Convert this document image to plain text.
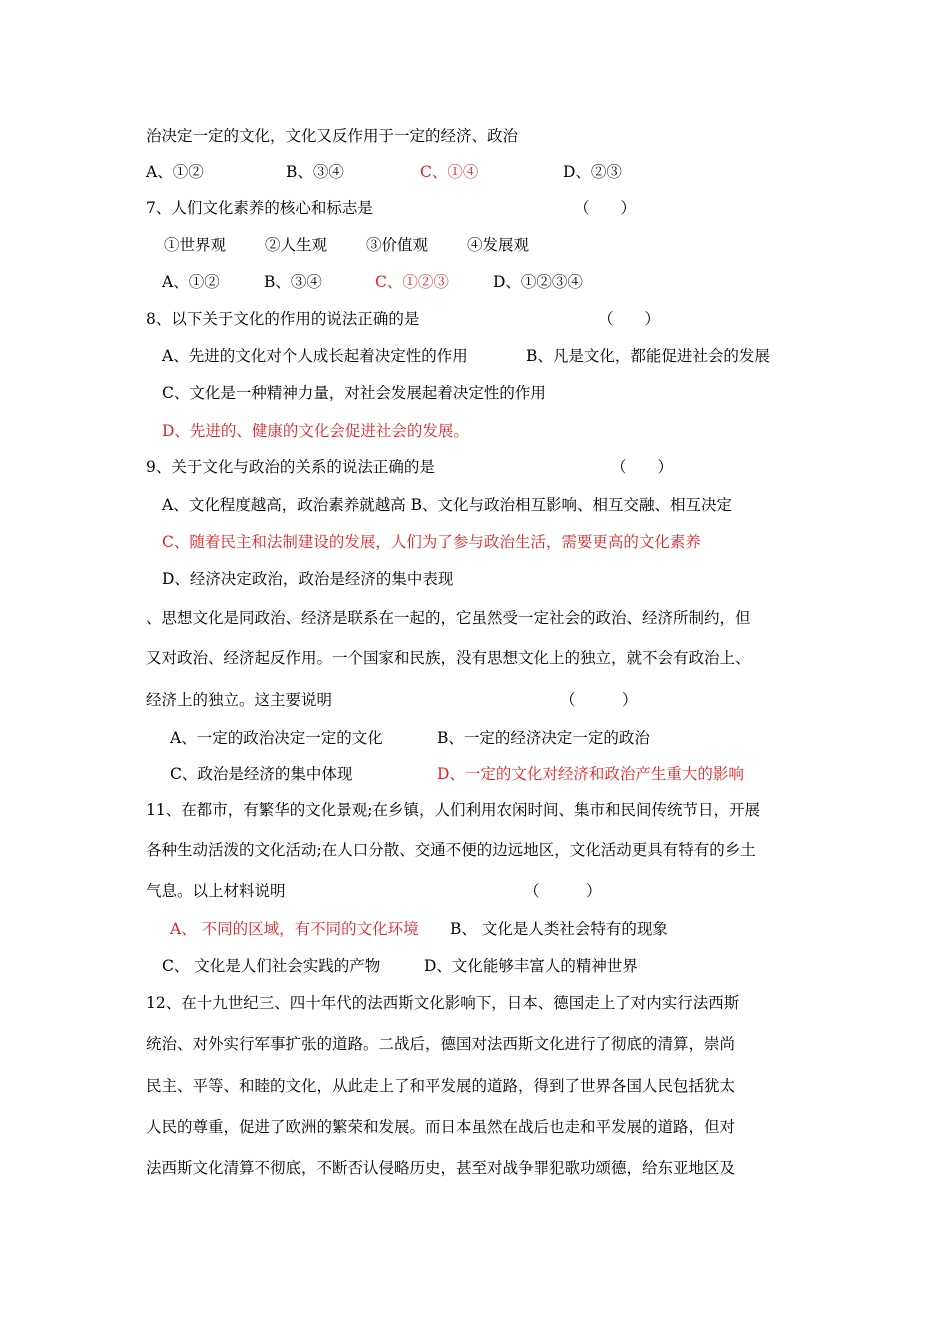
治决定一定的文化，文化又反作用于一定的经济、政治
A、①②	B、③④	C、①④	D、②③
7、人们文化素养的核心和标志是	（　　）
①世界观	②人生观	③价值观	④发展观
A、①②	B、③④	C、①②③	D、①②③④
8、以下关于文化的作用的说法正确的是	（　　）
A、先进的文化对个人成长起着决定性的作用	B、凡是文化，都能促进社会的发展
C、文化是一种精神力量，对社会发展起着决定性的作用
D、先进的、健康的文化会促进社会的发展。
9、关于文化与政治的关系的说法正确的是	（　　）
A、文化程度越高，政治素养就越高 B、文化与政治相互影响、相互交融、相互决定
C、随着民主和法制建设的发展，人们为了参与政治生活，需要更高的文化素养
D、经济决定政治，政治是经济的集中表现
、思想文化是同政治、经济是联系在一起的，它虽然受一定社会的政治、经济所制约，但
又对政治、经济起反作用。一个国家和民族，没有思想文化上的独立，就不会有政治上、
经济上的独立。这主要说明	（　　　）
A、一定的政治决定一定的文化	B、一定的经济决定一定的政治
C、政治是经济的集中体现	D、一定的文化对经济和政治产生重大的影响
11、在都市，有繁华的文化景观;在乡镇，人们利用农闲时间、集市和民间传统节日，开展
各种生动活泼的文化活动;在人口分散、交通不便的边远地区，文化活动更具有特有的乡土
气息。以上材料说明	（　　　）
A、 不同的区域，有不同的文化环境 B、 文化是人类社会特有的现象
C、 文化是人们社会实践的产物	D、文化能够丰富人的精神世界
12、在十九世纪三、四十年代的法西斯文化影响下，日本、德国走上了对内实行法西斯
统治、对外实行军事扩张的道路。二战后，德国对法西斯文化进行了彻底的清算，崇尚
民主、平等、和睦的文化，从此走上了和平发展的道路，得到了世界各国人民包括犹太
人民的尊重，促进了欧洲的繁荣和发展。而日本虽然在战后也走和平发展的道路，但对
法西斯文化清算不彻底，不断否认侵略历史，甚至对战争罪犯歌功颂德，给东亚地区及
